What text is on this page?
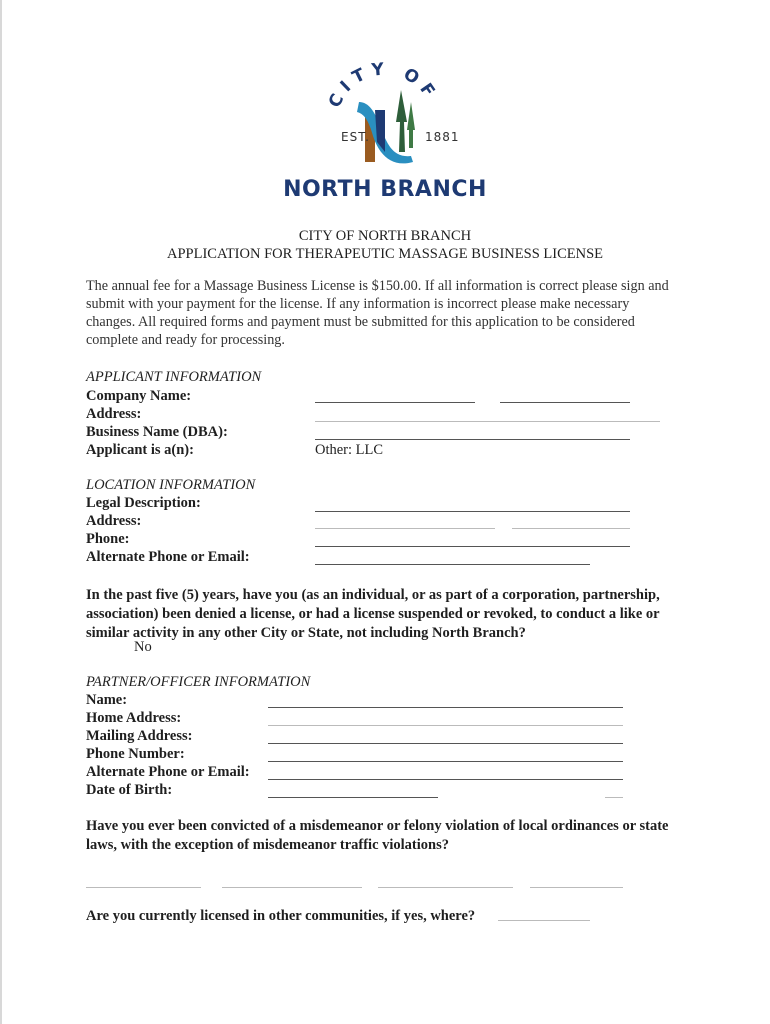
CITY OF
EST.	1881
NORTH BRANCH
CITY OF NORTH BRANCH
APPLICATION FOR THERAPEUTIC MASSAGE BUSINESS LICENSE
The annual fee for a Massage Business License is $150.00. If all information is correct please sign and submit with your payment for the license. If any information is incorrect please make necessary changes. All required forms and payment must be submitted for this application to be considered complete and ready for processing.
APPLICANT INFORMATION
Company Name:
Address:
Business Name (DBA):
Applicant is a(n):	Other: LLC
LOCATION INFORMATION
Legal Description:
Address:
Phone:
Alternate Phone or Email:
In the past five (5) years, have you (as an individual, or as part of a corporation, partnership, association) been denied a license, or had a license suspended or revoked, to conduct a like or similar activity in any other City or State, not including North Branch?
No
PARTNER/OFFICER INFORMATION
Name:
Home Address:
Mailing Address:
Phone Number:
Alternate Phone or Email:
Date of Birth:
Have you ever been convicted of a misdemeanor or felony violation of local ordinances or state laws, with the exception of misdemeanor traffic violations?
Are you currently licensed in other communities, if yes, where?
